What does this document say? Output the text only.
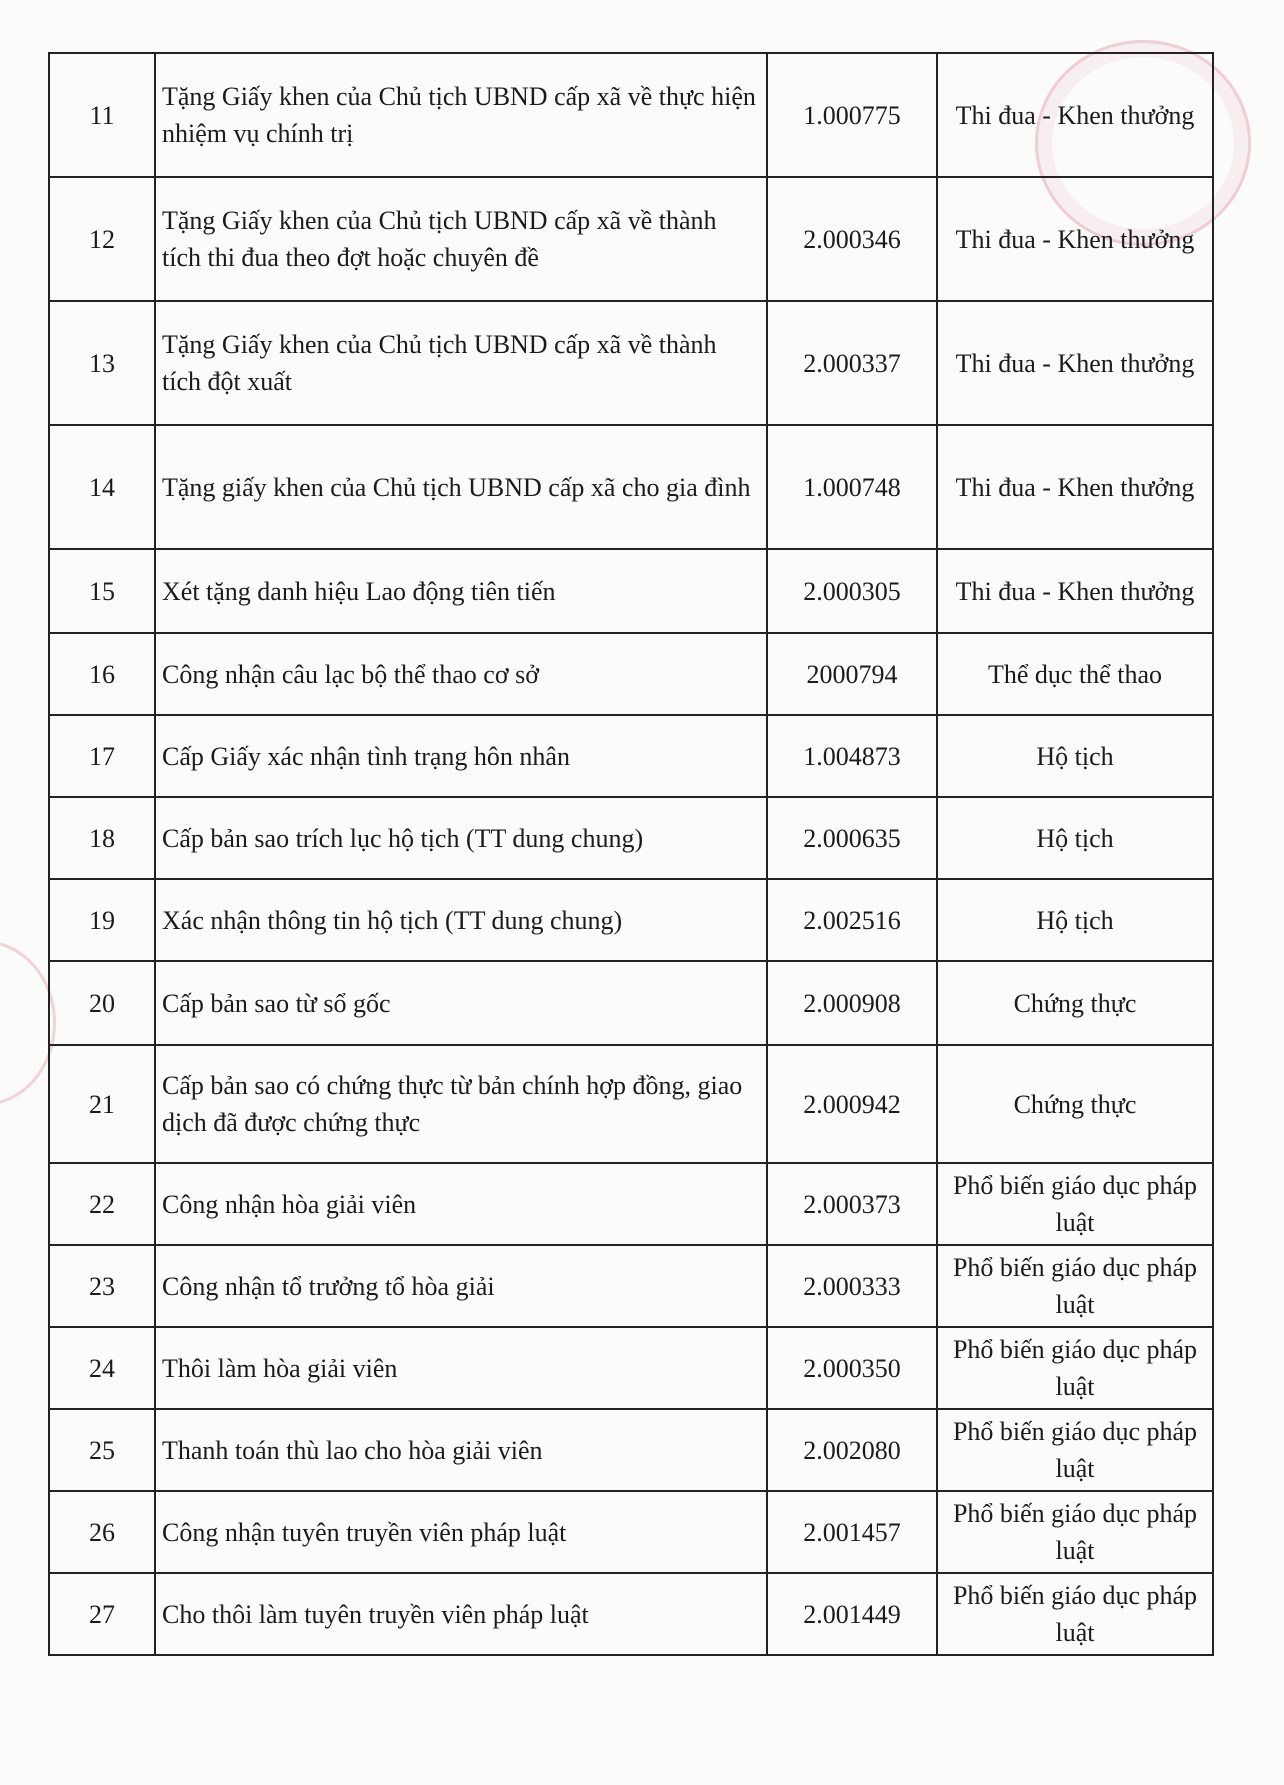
11	Tặng Giấy khen của Chủ tịch UBND cấp xã về thực hiện nhiệm vụ chính trị	1.000775	Thi đua - Khen thưởng
12	Tặng Giấy khen của Chủ tịch UBND cấp xã về thành tích thi đua theo đợt hoặc chuyên đề	2.000346	Thi đua - Khen thưởng
13	Tặng Giấy khen của Chủ tịch UBND cấp xã về thành tích đột xuất	2.000337	Thi đua - Khen thưởng
14	Tặng giấy khen của Chủ tịch UBND cấp xã cho gia đình	1.000748	Thi đua - Khen thưởng
15	Xét tặng danh hiệu Lao động tiên tiến	2.000305	Thi đua - Khen thưởng
16	Công nhận câu lạc bộ thể thao cơ sở	2000794	Thể dục thể thao
17	Cấp Giấy xác nhận tình trạng hôn nhân	1.004873	Hộ tịch
18	Cấp bản sao trích lục hộ tịch (TT dung chung)	2.000635	Hộ tịch
19	Xác nhận thông tin hộ tịch (TT dung chung)	2.002516	Hộ tịch
20	Cấp bản sao từ sổ gốc	2.000908	Chứng thực
21	Cấp bản sao có chứng thực từ bản chính hợp đồng, giao dịch đã được chứng thực	2.000942	Chứng thực
22	Công nhận hòa giải viên	2.000373	Phổ biến giáo dục pháp luật
23	Công nhận tổ trưởng tổ hòa giải	2.000333	Phổ biến giáo dục pháp luật
24	Thôi làm hòa giải viên	2.000350	Phổ biến giáo dục pháp luật
25	Thanh toán thù lao cho hòa giải viên	2.002080	Phổ biến giáo dục pháp luật
26	Công nhận tuyên truyền viên pháp luật	2.001457	Phổ biến giáo dục pháp luật
27	Cho thôi làm tuyên truyền viên pháp luật	2.001449	Phổ biến giáo dục pháp luật
